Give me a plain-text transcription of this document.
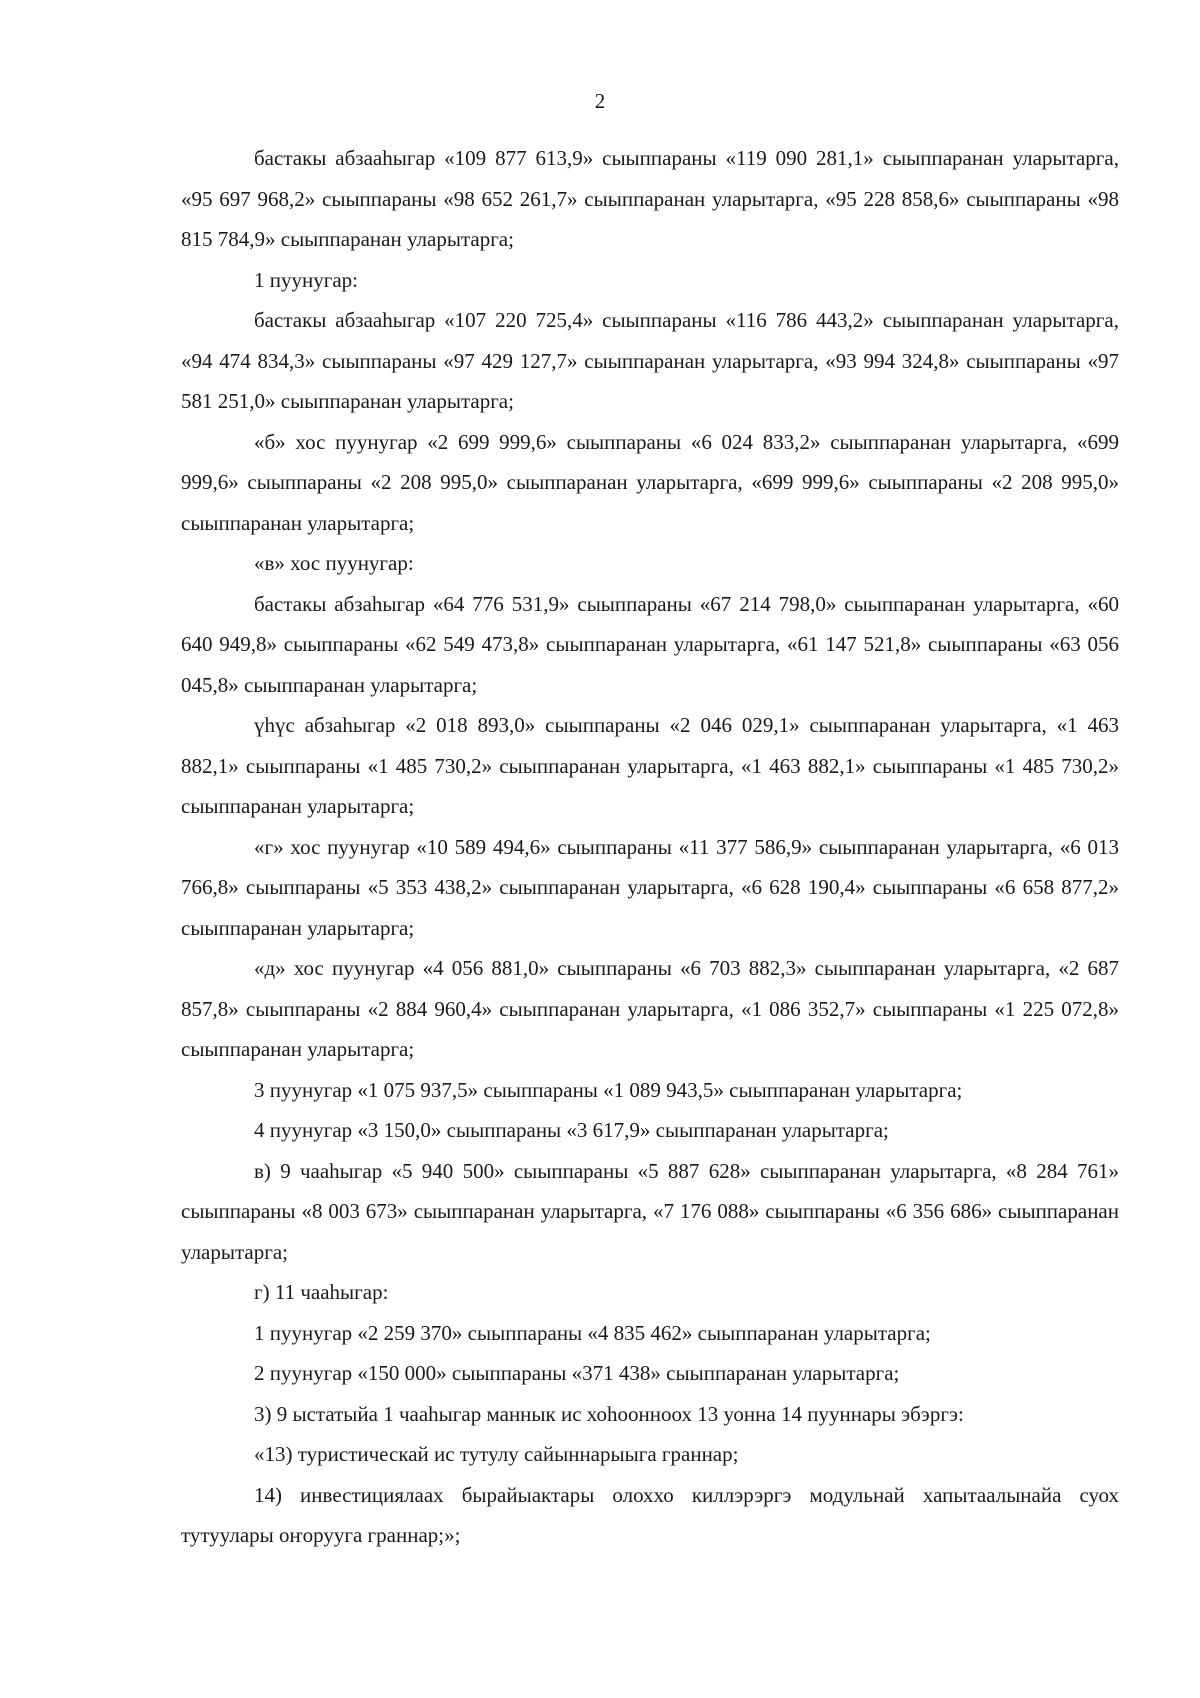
2

бастакы абзааһыгар «109 877 613,9» сыыппараны «119 090 281,1» сыыппаранан уларытарга, «95 697 968,2» сыыппараны «98 652 261,7» сыыппаранан уларытарга, «95 228 858,6» сыыппараны «98 815 784,9» сыыппаранан уларытарга;

1 пуунугар:

бастакы абзааһыгар «107 220 725,4» сыыппараны «116 786 443,2» сыыппаранан уларытарга, «94 474 834,3» сыыппараны «97 429 127,7» сыыппаранан уларытарга, «93 994 324,8» сыыппараны «97 581 251,0» сыыппаранан уларытарга;

«б» хос пуунугар «2 699 999,6» сыыппараны «6 024 833,2» сыыппаранан уларытарга, «699 999,6» сыыппараны «2 208 995,0» сыыппаранан уларытарга, «699 999,6» сыыппараны «2 208 995,0» сыыппаранан уларытарга;

«в» хос пуунугар:

бастакы абзаһыгар «64 776 531,9» сыыппараны «67 214 798,0» сыыппаранан уларытарга, «60 640 949,8» сыыппараны «62 549 473,8» сыыппаранан уларытарга, «61 147 521,8» сыыппараны «63 056 045,8» сыыппаранан уларытарга;

үһүс абзаһыгар «2 018 893,0» сыыппараны «2 046 029,1» сыыппаранан уларытарга, «1 463 882,1» сыыппараны «1 485 730,2» сыыппаранан уларытарга, «1 463 882,1» сыыппараны «1 485 730,2» сыыппаранан уларытарга;

«г» хос пуунугар «10 589 494,6» сыыппараны «11 377 586,9» сыыппаранан уларытарга, «6 013 766,8» сыыппараны «5 353 438,2» сыыппаранан уларытарга, «6 628 190,4» сыыппараны «6 658 877,2» сыыппаранан уларытарга;

«д» хос пуунугар «4 056 881,0» сыыппараны «6 703 882,3» сыыппаранан уларытарга, «2 687 857,8» сыыппараны «2 884 960,4» сыыппаранан уларытарга, «1 086 352,7» сыыппараны «1 225 072,8» сыыппаранан уларытарга;

3 пуунугар «1 075 937,5» сыыппараны «1 089 943,5» сыыппаранан уларытарга;

4 пуунугар «3 150,0» сыыппараны «3 617,9» сыыппаранан уларытарга;

в) 9 чааһыгар «5 940 500» сыыппараны «5 887 628» сыыппаранан уларытарга, «8 284 761» сыыппараны «8 003 673» сыыппаранан уларытарга, «7 176 088» сыыппараны «6 356 686» сыыппаранан уларытарга;

г) 11 чааһыгар:

1 пуунугар «2 259 370» сыыппараны «4 835 462» сыыппаранан уларытарга;

2 пуунугар «150 000» сыыппараны «371 438» сыыппаранан уларытарга;

3) 9 ыстатыйа 1 чааһыгар маннык ис хоһоонноох 13 уонна 14 пууннары эбэргэ:

«13) туристическай ис тутулу сайыннарыыга граннар;

14) инвестициялаах бырайыактары олоххо киллэрэргэ модульнай хапытаалынайа суох тутуулары оҥорууга граннар;»;
